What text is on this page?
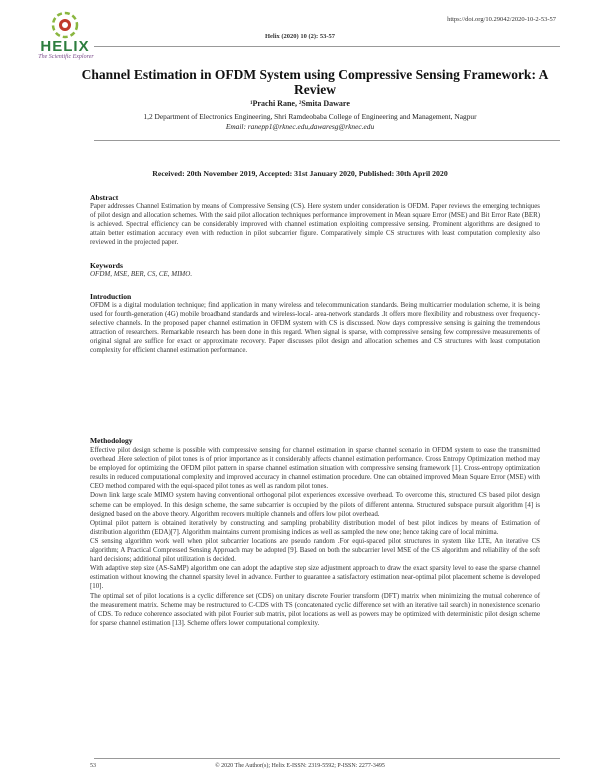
HELIX
The Scientific Explorer
https://doi.org/10.29042/2020-10-2-53-57
Helix (2020) 10 (2): 53-57
Channel Estimation in OFDM System using Compressive Sensing Framework: A Review
¹Prachi Rane, ²Smita Daware
1,2 Department of Electronics Engineering, Shri Ramdeobaba College of Engineering and Management, Nagpur
Email: ranepp1@rknec.edu,dawaresg@rknec.edu
Received: 20th November 2019, Accepted: 31st January 2020, Published: 30th April 2020
Abstract
Paper addresses Channel Estimation by means of Compressive Sensing (CS). Here system under consideration is OFDM. Paper reviews the emerging techniques of pilot design and allocation schemes. With the said pilot allocation techniques performance improvement in Mean square Error (MSE) and Bit Error Rate (BER) is achieved. Spectral efficiency can be considerably improved with channel estimation exploiting compressive sensing. Prominent algorithms are designed to attain better estimation accuracy even with reduction in pilot subcarrier figure. Comparatively simple CS structures with least computation complexity also reviewed in the projected paper.
Keywords
OFDM, MSE, BER, CS, CE, MIMO.
Introduction
OFDM is a digital modulation technique; find application in many wireless and telecommunication standards. Being multicarrier modulation scheme, it is being used for fourth-generation (4G) mobile broadband standards and wireless-local- area-network standards .It offers more flexibility and robustness over frequency-selective channels. In the proposed paper channel estimation in OFDM system with CS is discussed. Now days compressive sensing is gaining the tremendous attraction of researchers. Remarkable research has been done in this regard. When signal is sparse, with compressive sensing few compressive measurements of original signal are suffice for exact or approximate recovery. Paper discusses pilot design and allocation schemes and CS structures with least computation complexity for efficient channel estimation performance.
Methodology
Effective pilot design scheme is possible with compressive sensing for channel estimation in sparse channel scenario in OFDM system to ease the transmitted overhead .Here selection of pilot tones is of prior importance as it considerably affects channel estimation performance. Cross Entropy Optimization method may be employed for optimizing the OFDM pilot pattern in sparse channel estimation situation with compressive sensing framework [1]. Cross-entropy optimization results in reduced computational complexity and improved accuracy in channel estimation procedure. One can obtained improved Mean Square Error (MSE) with CEO method compared with the equi-spaced pilot tones as well as random pilot tones.
Down link large scale MIMO system having conventional orthogonal pilot experiences excessive overhead. To overcome this, structured CS based pilot design scheme can be employed. In this design scheme, the same subcarrier is occupied by the pilots of different antenna. Structured subspace pursuit algorithm [4] is designed based on the above theory. Algorithm recovers multiple channels and offers low pilot overhead.
Optimal pilot pattern is obtained iteratively by constructing and sampling probability distribution model of best pilot indices by means of Estimation of distribution algorithm (EDA)[7]. Algorithm maintains current promising indices as well as sampled the new one; hence taking care of local minima.
CS sensing algorithm work well when pilot subcarrier locations are pseudo random .For equi-spaced pilot structures in system like LTE, An iterative CS algorithm; A Practical Compressed Sensing Approach may be adopted [9]. Based on both the subcarrier level MSE of the CS algorithm and reliability of the soft hard decisions; additional pilot utilization is decided.
With adaptive step size (AS-SaMP) algorithm one can adopt the adaptive step size adjustment approach to draw the exact sparsity level to ease the sparse channel estimation without knowing the channel sparsity level in advance. Further to guarantee a satisfactory estimation near-optimal pilot placement scheme is developed [10].
The optimal set of pilot locations is a cyclic difference set (CDS) on unitary discrete Fourier transform (DFT) matrix when minimizing the mutual coherence of the measurement matrix. Scheme may be restructured to C-CDS with TS (concatenated cyclic difference set with an iterative tail search) in nonexistence scenario of CDS. To reduce coherence associated with pilot Fourier sub matrix, pilot locations as well as powers may be optimized with deterministic pilot design scheme for sparse channel estimation [13]. Scheme offers lower computational complexity.
53	© 2020 The Author(s); Helix E-ISSN: 2319-5592; P-ISSN: 2277-3495
